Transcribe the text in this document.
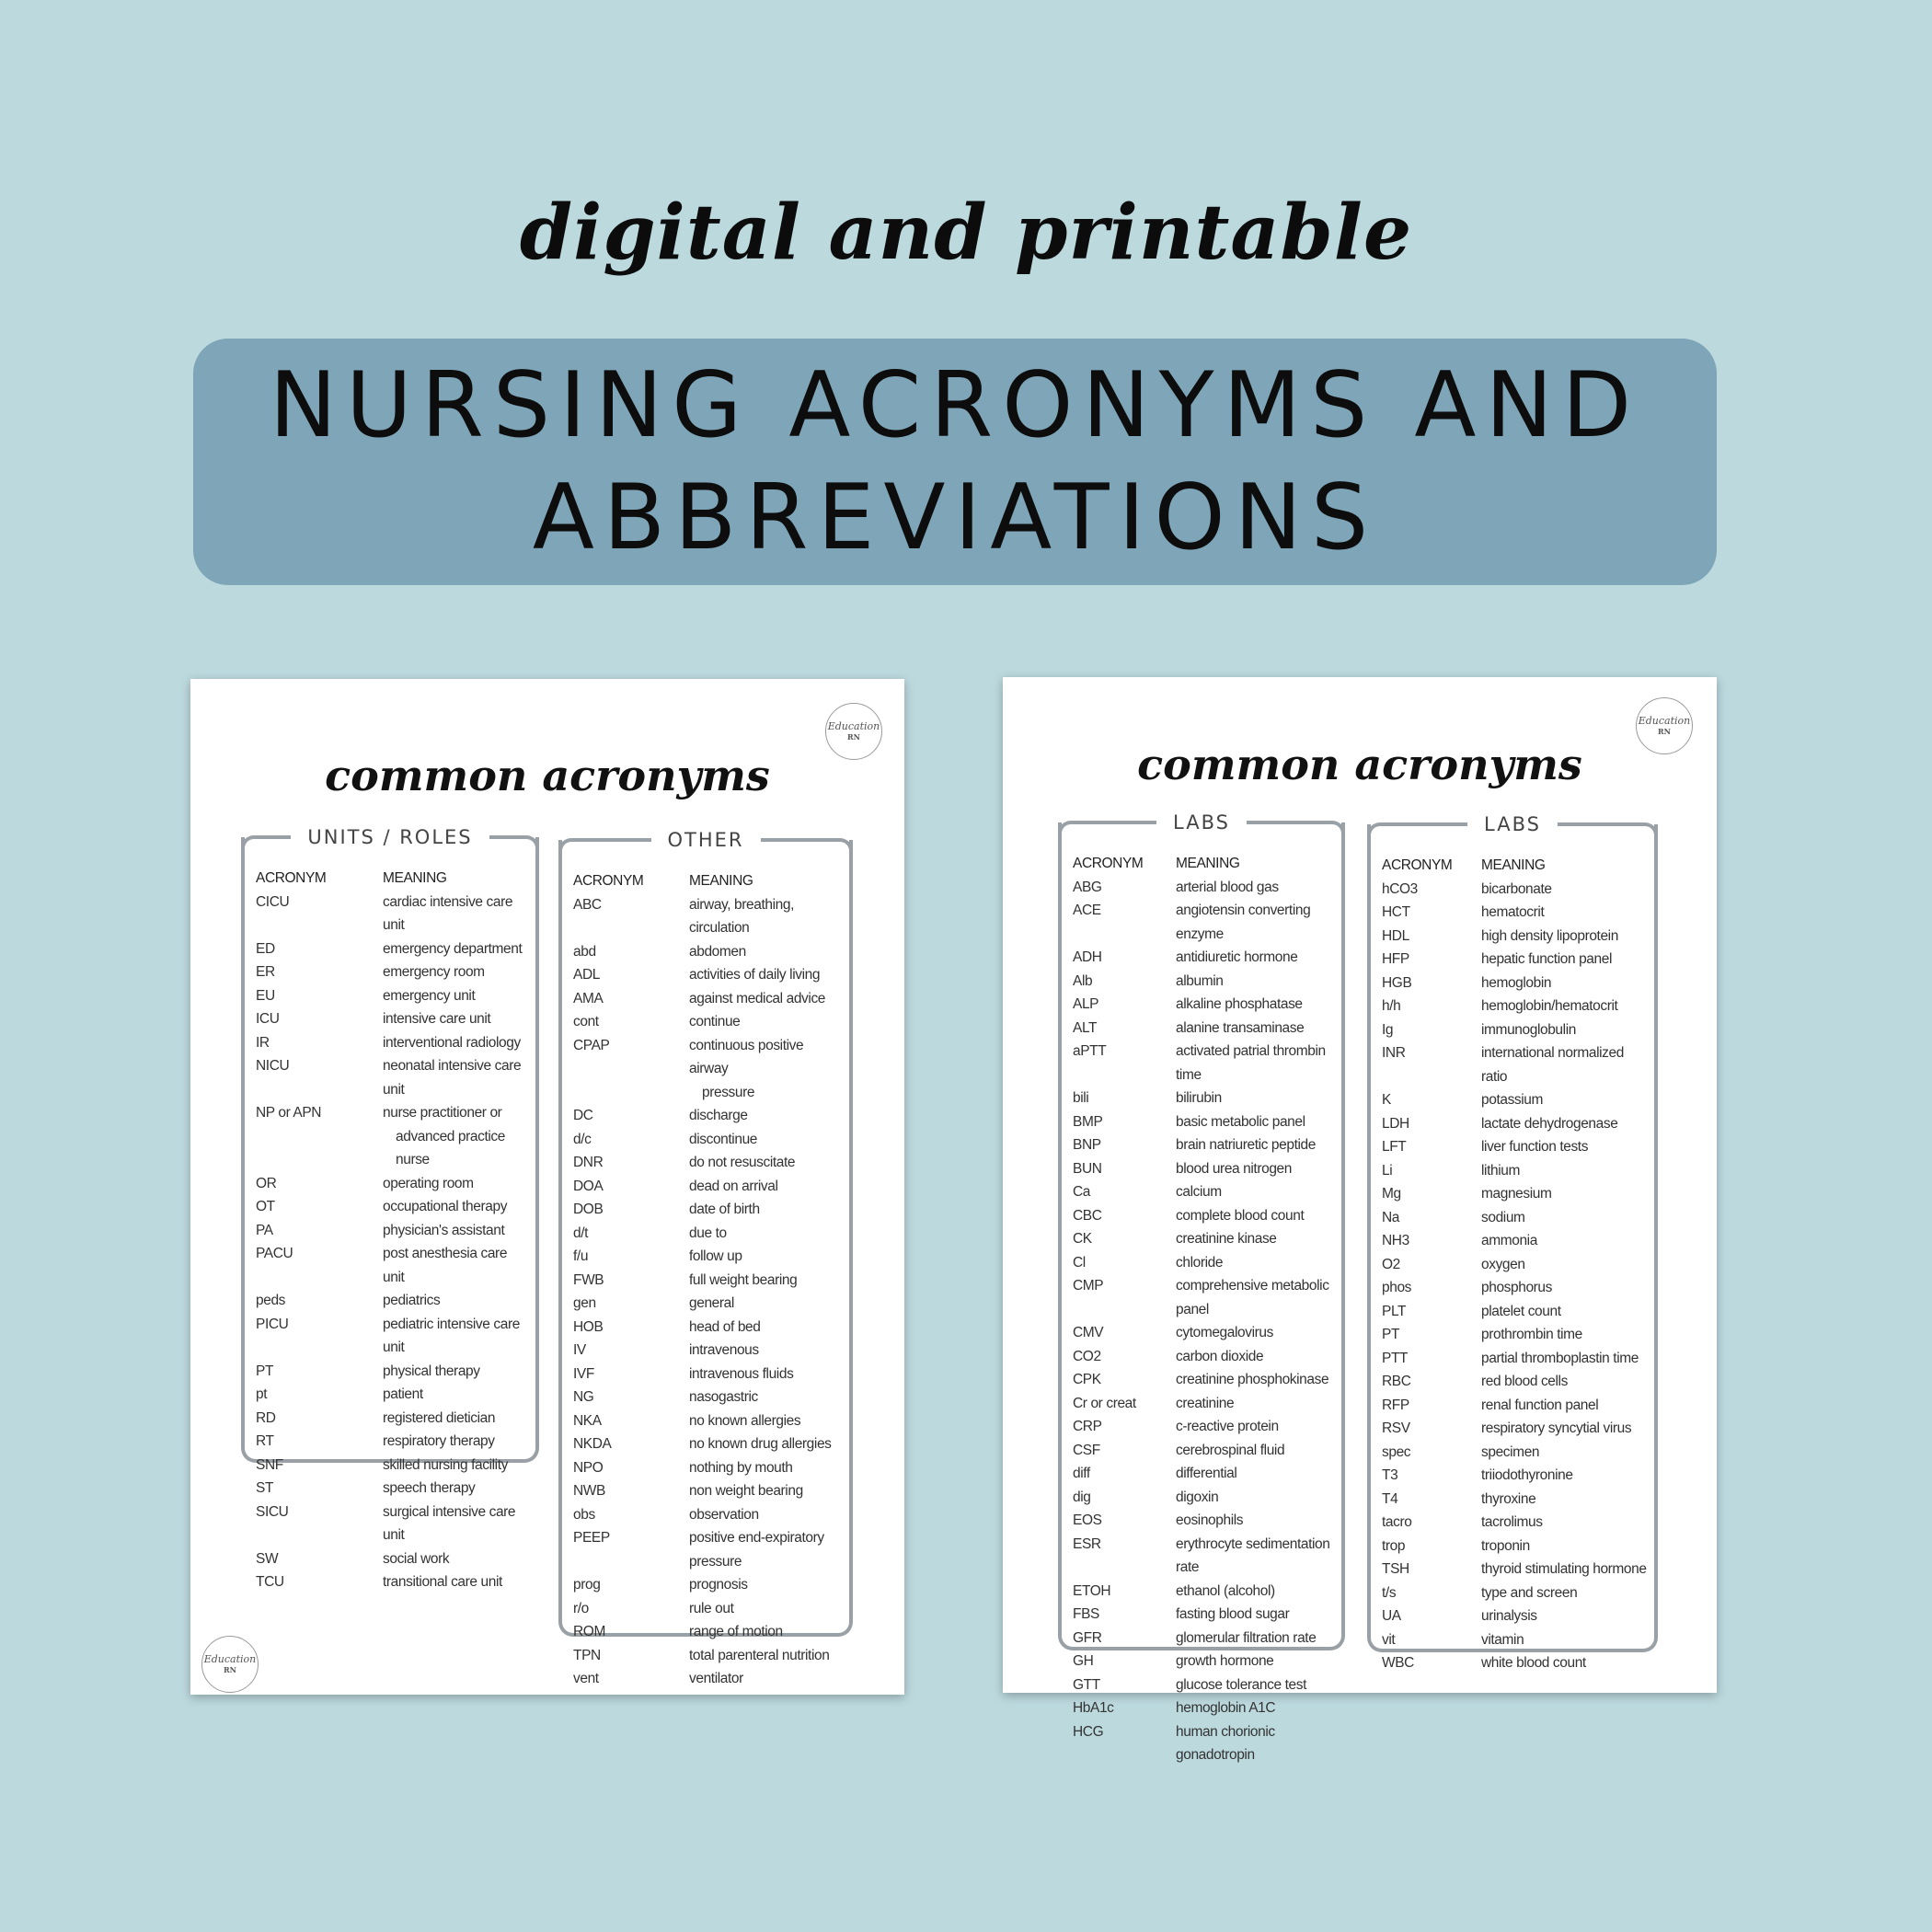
digital and printable
NURSING ACRONYMS AND
ABBREVIATIONS
Education
RN
Education
RN
common acronyms
UNITS / ROLES
ACRONYM	MEANING
CICU	cardiac intensive care unit
ED	emergency department
ER	emergency room
EU	emergency unit
ICU	intensive care unit
IR	interventional radiology
NICU	neonatal intensive care unit
NP or APN	nurse practitioner or
advanced practice nurse
OR	operating room
OT	occupational therapy
PA	physician's assistant
PACU	post anesthesia care unit
peds	pediatrics
PICU	pediatric intensive care unit
PT	physical therapy
pt	patient
RD	registered dietician
RT	respiratory therapy
SNF	skilled nursing facility
ST	speech therapy
SICU	surgical intensive care unit
SW	social work
TCU	transitional care unit
OTHER
ACRONYM	MEANING
ABC	airway, breathing, circulation
abd	abdomen
ADL	activities of daily living
AMA	against medical advice
cont	continue
CPAP	continuous positive airway
pressure
DC	discharge
d/c	discontinue
DNR	do not resuscitate
DOA	dead on arrival
DOB	date of birth
d/t	due to
f/u	follow up
FWB	full weight bearing
gen	general
HOB	head of bed
IV	intravenous
IVF	intravenous fluids
NG	nasogastric
NKA	no known allergies
NKDA	no known drug allergies
NPO	nothing by mouth
NWB	non weight bearing
obs	observation
PEEP	positive end-expiratory pressure
prog	prognosis
r/o	rule out
ROM	range of motion
TPN	total parenteral nutrition
vent	ventilator
Education
RN
common acronyms
LABS
ACRONYM	MEANING
ABG	arterial blood gas
ACE	angiotensin converting enzyme
ADH	antidiuretic hormone
Alb	albumin
ALP	alkaline phosphatase
ALT	alanine transaminase
aPTT	activated patrial thrombin time
bili	bilirubin
BMP	basic metabolic panel
BNP	brain natriuretic peptide
BUN	blood urea nitrogen
Ca	calcium
CBC	complete blood count
CK	creatinine kinase
Cl	chloride
CMP	comprehensive metabolic panel
CMV	cytomegalovirus
CO2	carbon dioxide
CPK	creatinine phosphokinase
Cr or creat	creatinine
CRP	c-reactive protein
CSF	cerebrospinal fluid
diff	differential
dig	digoxin
EOS	eosinophils
ESR	erythrocyte sedimentation rate
ETOH	ethanol (alcohol)
FBS	fasting blood sugar
GFR	glomerular filtration rate
GH	growth hormone
GTT	glucose tolerance test
HbA1c	hemoglobin A1C
HCG	human chorionic gonadotropin
LABS
ACRONYM	MEANING
hCO3	bicarbonate
HCT	hematocrit
HDL	high density lipoprotein
HFP	hepatic function panel
HGB	hemoglobin
h/h	hemoglobin/hematocrit
Ig	immunoglobulin
INR	international normalized ratio
K	potassium
LDH	lactate dehydrogenase
LFT	liver function tests
Li	lithium
Mg	magnesium
Na	sodium
NH3	ammonia
O2	oxygen
phos	phosphorus
PLT	platelet count
PT	prothrombin time
PTT	partial thromboplastin time
RBC	red blood cells
RFP	renal function panel
RSV	respiratory syncytial virus
spec	specimen
T3	triiodothyronine
T4	thyroxine
tacro	tacrolimus
trop	troponin
TSH	thyroid stimulating hormone
t/s	type and screen
UA	urinalysis
vit	vitamin
WBC	white blood count
